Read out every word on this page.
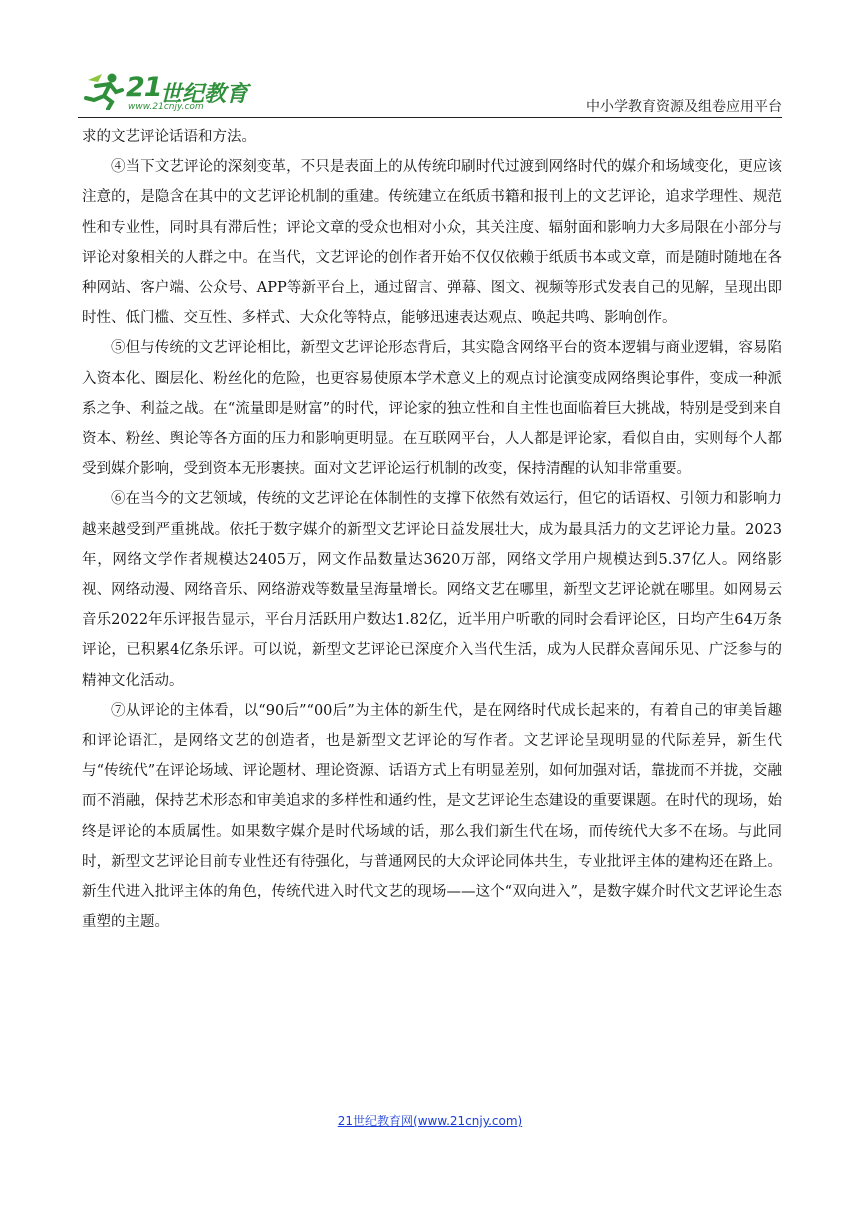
21
世纪教育
www.21cnjy.com	中小学教育资源及组卷应用平台

求的文艺评论话语和方法。

④当下文艺评论的深刻变革，不只是表面上的从传统印刷时代过渡到网络时代的媒介和场域变化，更应该注意的，是隐含在其中的文艺评论机制的重建。传统建立在纸质书籍和报刊上的文艺评论，追求学理性、规范性和专业性，同时具有滞后性；评论文章的受众也相对小众，其关注度、辐射面和影响力大多局限在小部分与评论对象相关的人群之中。在当代，文艺评论的创作者开始不仅仅依赖于纸质书本或文章，而是随时随地在各种网站、客户端、公众号、APP等新平台上，通过留言、弹幕、图文、视频等形式发表自己的见解，呈现出即时性、低门槛、交互性、多样式、大众化等特点，能够迅速表达观点、唤起共鸣、影响创作。

⑤但与传统的文艺评论相比，新型文艺评论形态背后，其实隐含网络平台的资本逻辑与商业逻辑，容易陷入资本化、圈层化、粉丝化的危险，也更容易使原本学术意义上的观点讨论演变成网络舆论事件，变成一种派系之争、利益之战。在“流量即是财富”的时代，评论家的独立性和自主性也面临着巨大挑战，特别是受到来自资本、粉丝、舆论等各方面的压力和影响更明显。在互联网平台，人人都是评论家，看似自由，实则每个人都受到媒介影响，受到资本无形裹挟。面对文艺评论运行机制的改变，保持清醒的认知非常重要。

⑥在当今的文艺领域，传统的文艺评论在体制性的支撑下依然有效运行，但它的话语权、引领力和影响力越来越受到严重挑战。依托于数字媒介的新型文艺评论日益发展壮大，成为最具活力的文艺评论力量。2023年，网络文学作者规模达2405万，网文作品数量达3620万部，网络文学用户规模达到5.37亿人。网络影视、网络动漫、网络音乐、网络游戏等数量呈海量增长。网络文艺在哪里，新型文艺评论就在哪里。如网易云音乐2022年乐评报告显示，平台月活跃用户数达1.82亿，近半用户听歌的同时会看评论区，日均产生64万条评论，已积累4亿条乐评。可以说，新型文艺评论已深度介入当代生活，成为人民群众喜闻乐见、广泛参与的精神文化活动。

⑦从评论的主体看，以“90后”“00后”为主体的新生代，是在网络时代成长起来的，有着自己的审美旨趣和评论语汇，是网络文艺的创造者，也是新型文艺评论的写作者。文艺评论呈现明显的代际差异，新生代与“传统代”在评论场域、评论题材、理论资源、话语方式上有明显差别，如何加强对话，靠拢而不并拢，交融而不消融，保持艺术形态和审美追求的多样性和通约性，是文艺评论生态建设的重要课题。在时代的现场，始终是评论的本质属性。如果数字媒介是时代场域的话，那么我们新生代在场，而传统代大多不在场。与此同时，新型文艺评论目前专业性还有待强化，与普通网民的大众评论同体共生，专业批评主体的建构还在路上。新生代进入批评主体的角色，传统代进入时代文艺的现场——这个“双向进入”，是数字媒介时代文艺评论生态重塑的主题。

21世纪教育网(www.21cnjy.com)
